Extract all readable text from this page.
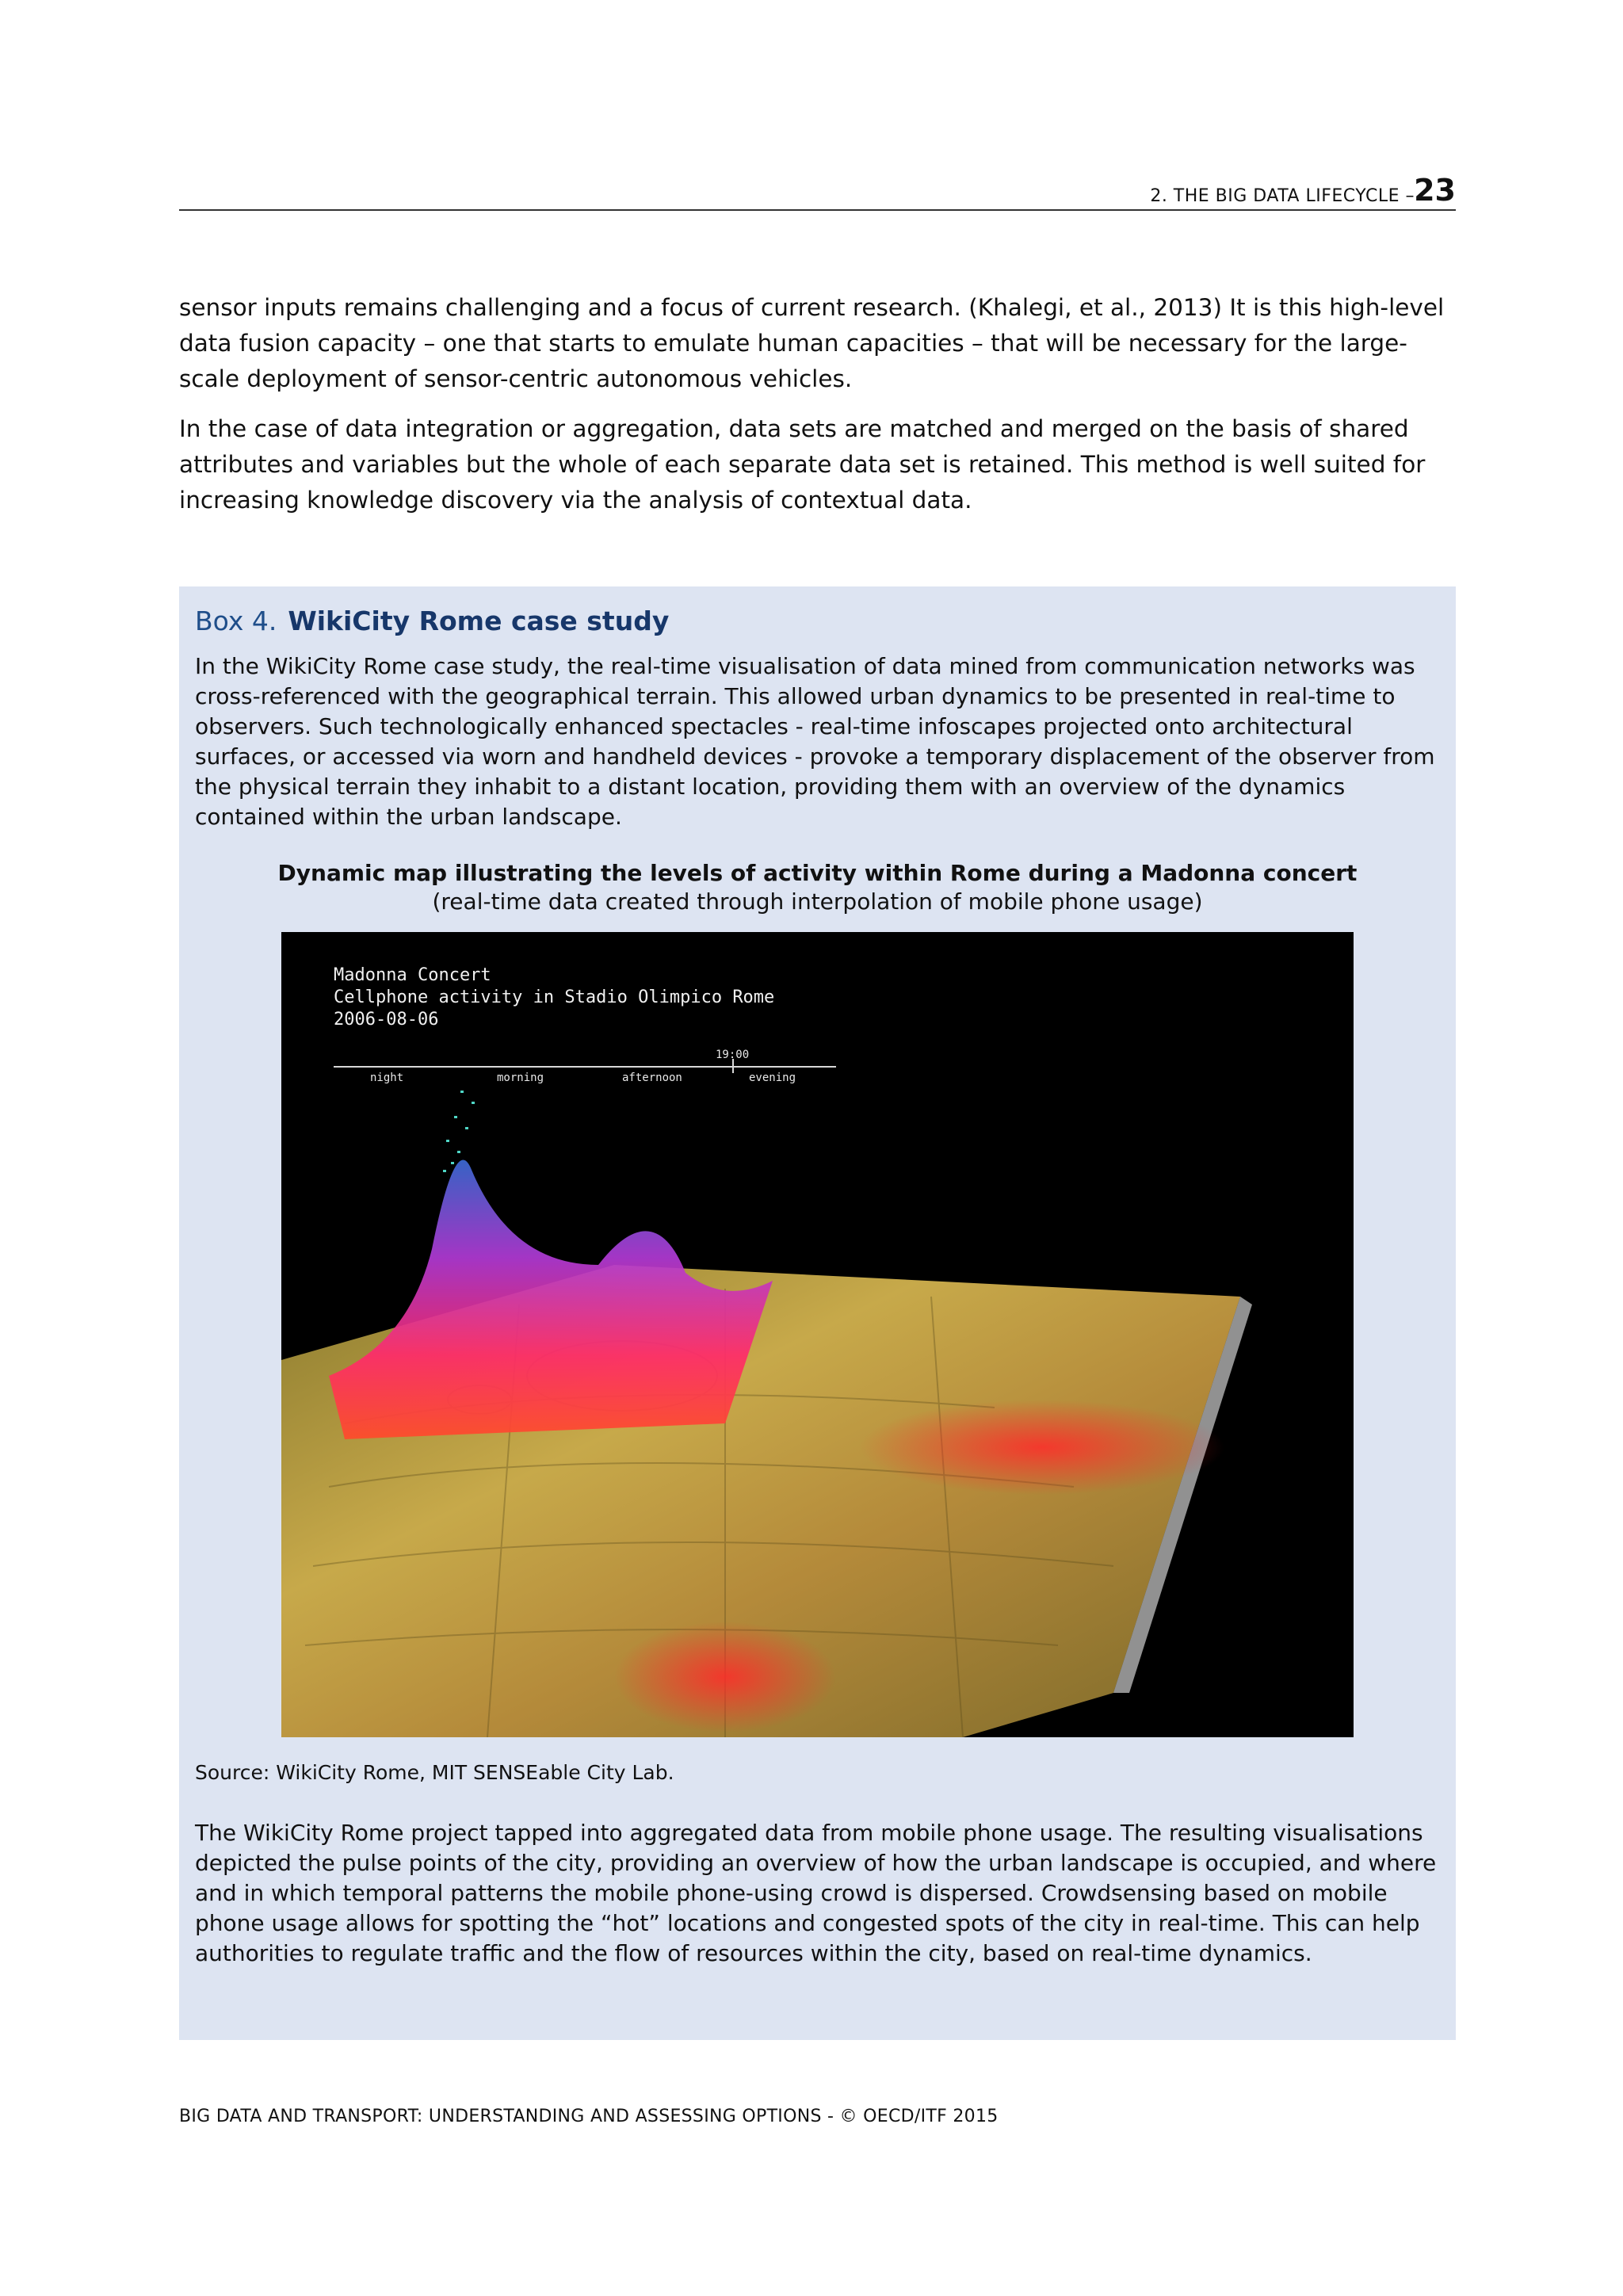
2. THE BIG DATA LIFECYCLE – 23

sensor inputs remains challenging and a focus of current research. (Khalegi, et al., 2013) It is this high-level data fusion capacity – one that starts to emulate human capacities – that will be necessary for the large-scale deployment of sensor-centric autonomous vehicles.

In the case of data integration or aggregation, data sets are matched and merged on the basis of shared attributes and variables but the whole of each separate data set is retained. This method is well suited for increasing knowledge discovery via the analysis of contextual data.

Box 4. WikiCity Rome case study

In the WikiCity Rome case study, the real-time visualisation of data mined from communication networks was cross-referenced with the geographical terrain. This allowed urban dynamics to be presented in real-time to observers. Such technologically enhanced spectacles - real-time infoscapes projected onto architectural surfaces, or accessed via worn and handheld devices - provoke a temporary displacement of the observer from the physical terrain they inhabit to a distant location, providing them with an overview of the dynamics contained within the urban landscape.

Dynamic map illustrating the levels of activity within Rome during a Madonna concert
(real-time data created through interpolation of mobile phone usage)
Madonna Concert
Cellphone activity in Stadio Olimpico Rome
2006-08-06
19:00
night	morning	afternoon	evening
Source: WikiCity Rome, MIT SENSEable City Lab.

The WikiCity Rome project tapped into aggregated data from mobile phone usage. The resulting visualisations depicted the pulse points of the city, providing an overview of how the urban landscape is occupied, and where and in which temporal patterns the mobile phone-using crowd is dispersed. Crowdsensing based on mobile phone usage allows for spotting the “hot” locations and congested spots of the city in real-time. This can help authorities to regulate traffic and the flow of resources within the city, based on real-time dynamics.

BIG DATA AND TRANSPORT: UNDERSTANDING AND ASSESSING OPTIONS - © OECD/ITF 2015
